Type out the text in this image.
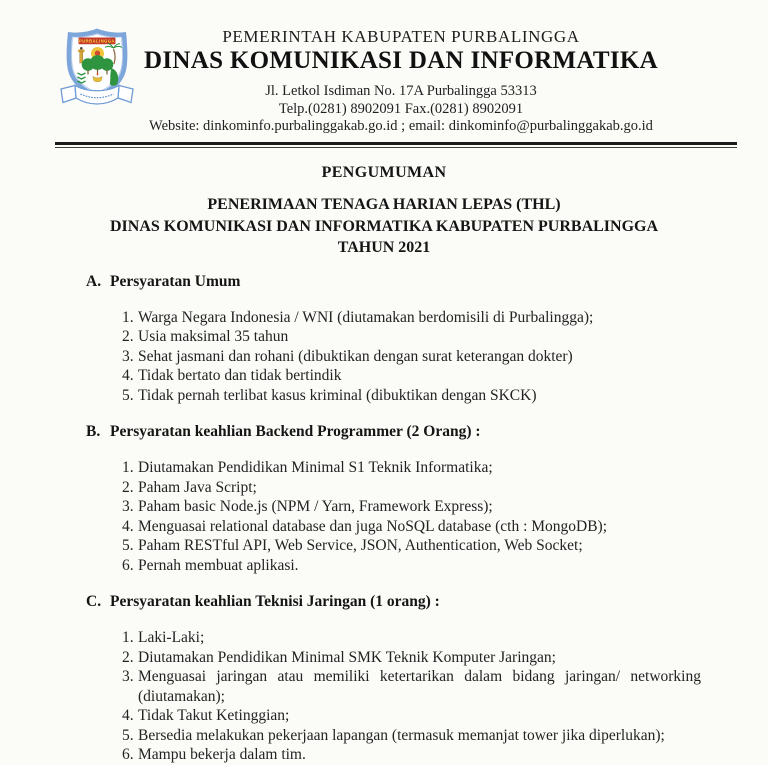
PURBALINGGA	PEMERINTAH KABUPATEN PURBALINGGA
DINAS KOMUNIKASI DAN INFORMATIKA
Jl. Letkol Isdiman No. 17A Purbalingga 53313
Telp.(0281) 8902091 Fax.(0281) 8902091
Website: dinkominfo.purbalinggakab.go.id ; email: dinkominfo@purbalinggakab.go.id
PENGUMUMAN
PENERIMAAN TENAGA HARIAN LEPAS (THL)
DINAS KOMUNIKASI DAN INFORMATIKA KABUPATEN PURBALINGGA
TAHUN 2021
A. Persyaratan Umum
1. Warga Negara Indonesia / WNI (diutamakan berdomisili di Purbalingga);
2. Usia maksimal 35 tahun
3. Sehat jasmani dan rohani (dibuktikan dengan surat keterangan dokter)
4. Tidak bertato dan tidak bertindik
5. Tidak pernah terlibat kasus kriminal (dibuktikan dengan SKCK)
B. Persyaratan keahlian Backend Programmer (2 Orang) :
1. Diutamakan Pendidikan Minimal S1 Teknik Informatika;
2. Paham Java Script;
3. Paham basic Node.js (NPM / Yarn, Framework Express);
4. Menguasai relational database dan juga NoSQL database (cth : MongoDB);
5. Paham RESTful API, Web Service, JSON, Authentication, Web Socket;
6. Pernah membuat aplikasi.
C. Persyaratan keahlian Teknisi Jaringan (1 orang) :
1. Laki-Laki;
2. Diutamakan Pendidikan Minimal SMK Teknik Komputer Jaringan;
3. Menguasai jaringan atau memiliki ketertarikan dalam bidang jaringan/ networking
(diutamakan);
4. Tidak Takut Ketinggian;
5. Bersedia melakukan pekerjaan lapangan (termasuk memanjat tower jika diperlukan);
6. Mampu bekerja dalam tim.
